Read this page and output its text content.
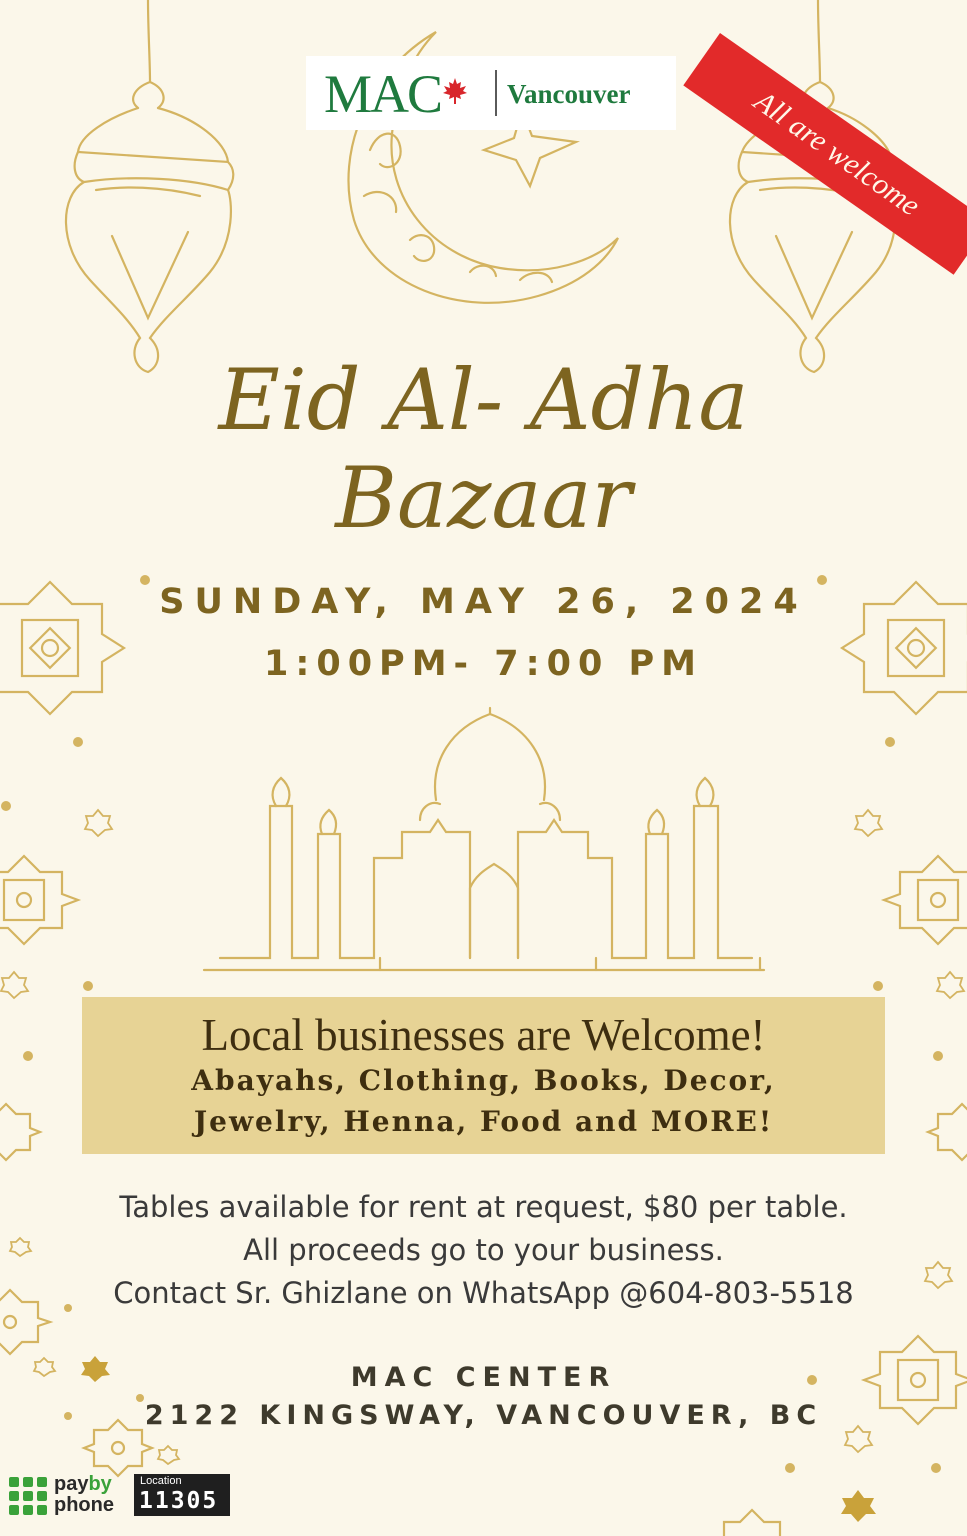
All are welcome
MAC Vancouver
Eid Al- Adha
Bazaar
SUNDAY, MAY 26, 2024
1:00PM- 7:00 PM
Local businesses are Welcome!
Abayahs, Clothing, Books, Decor,
Jewelry, Henna, Food and MORE!
Tables available for rent at request, $80 per table.
All proceeds go to your business.
Contact Sr. Ghizlane on WhatsApp @604-803-5518
MAC CENTER
2122 KINGSWAY, VANCOUVER, BC
payby
phone
Location
11305
